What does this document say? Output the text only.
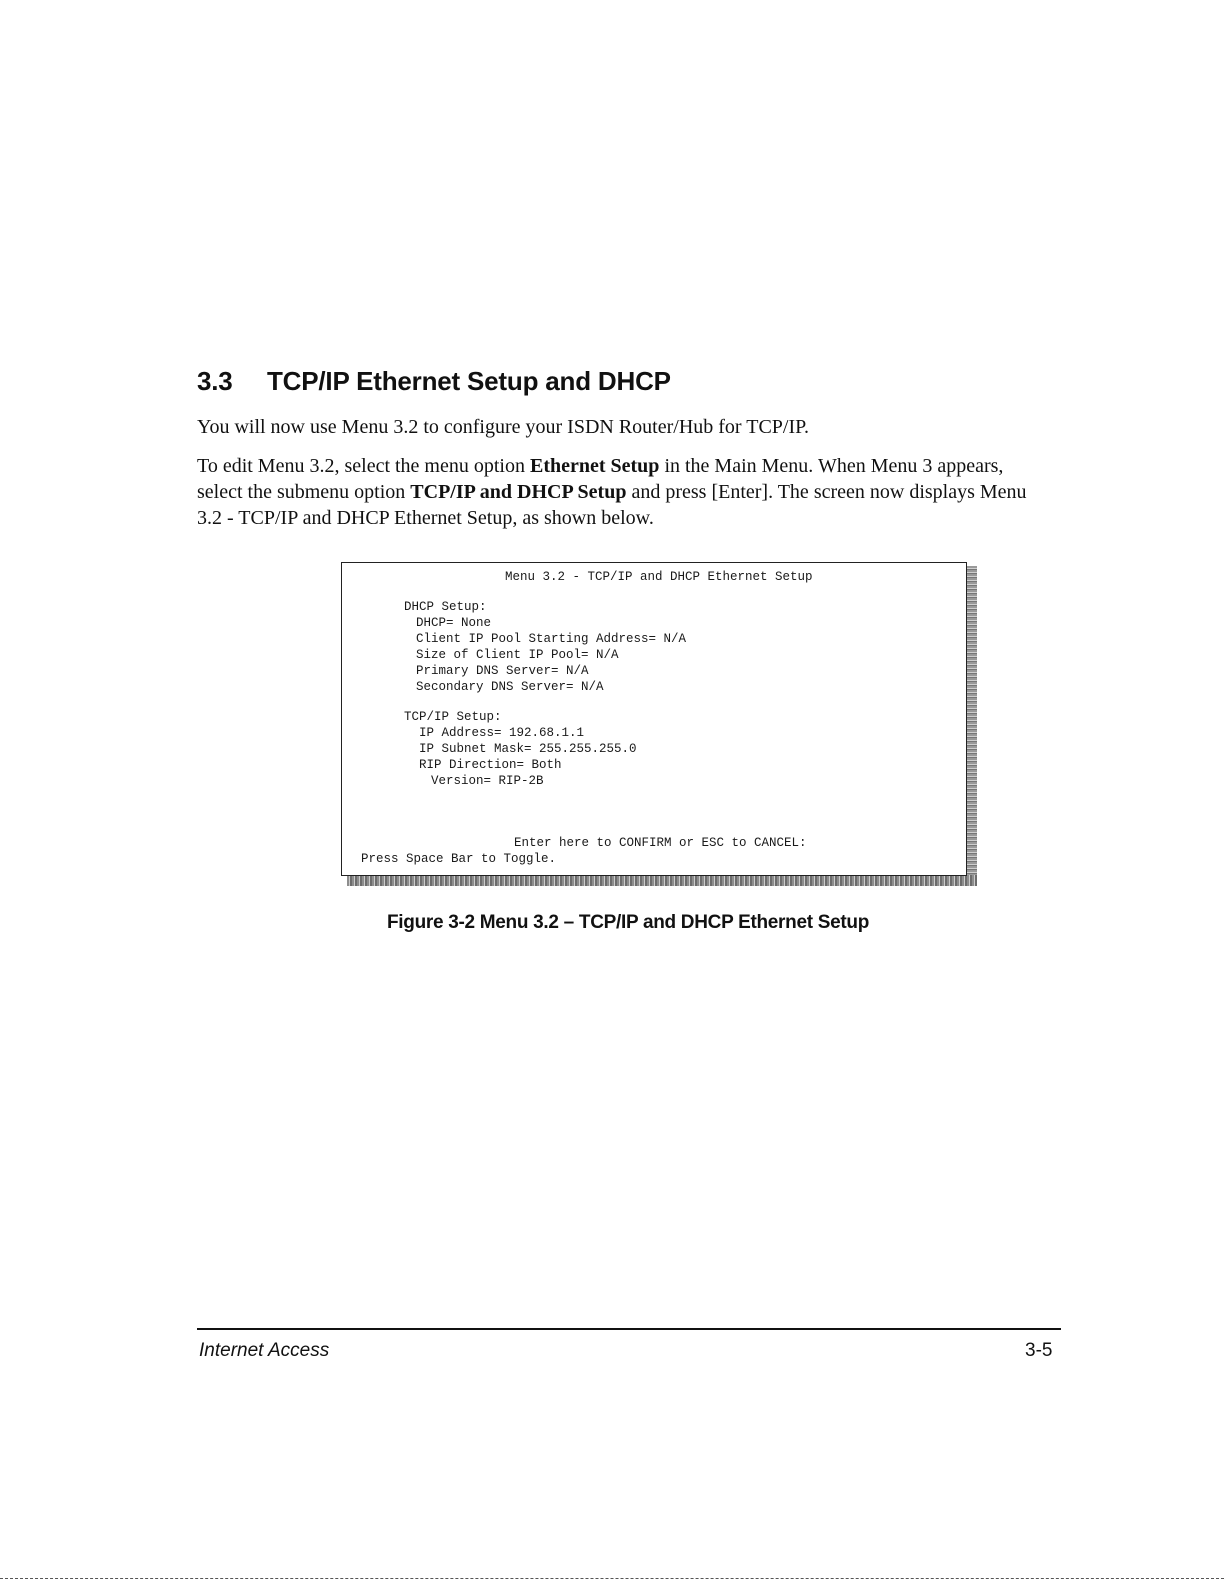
3.3 TCP/IP Ethernet Setup and DHCP

You will now use Menu 3.2 to configure your ISDN Router/Hub for TCP/IP.

To edit Menu 3.2, select the menu option Ethernet Setup in the Main Menu. When Menu 3 appears, select the submenu option TCP/IP and DHCP Setup and press [Enter]. The screen now displays Menu 3.2 - TCP/IP and DHCP Ethernet Setup, as shown below.

Menu 3.2 - TCP/IP and DHCP Ethernet Setup
DHCP Setup:
DHCP= None
Client IP Pool Starting Address= N/A
Size of Client IP Pool= N/A
Primary DNS Server= N/A
Secondary DNS Server= N/A
TCP/IP Setup:
IP Address= 192.68.1.1
IP Subnet Mask= 255.255.255.0
RIP Direction= Both
Version= RIP-2B
Enter here to CONFIRM or ESC to CANCEL:
Press Space Bar to Toggle.

Figure 3-2 Menu 3.2 – TCP/IP and DHCP Ethernet Setup

Internet Access	3-5
